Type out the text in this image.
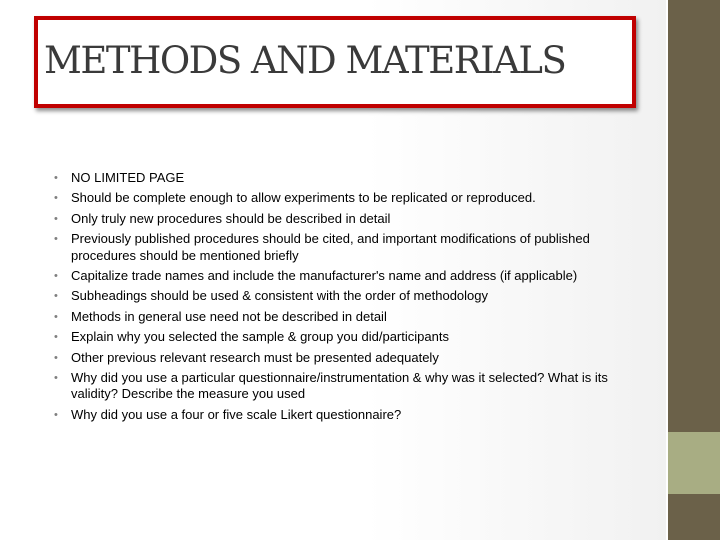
METHODS AND MATERIALS
• NO LIMITED PAGE
• Should be complete enough to allow experiments to be replicated or reproduced.
• Only truly new procedures should be described in detail
• Previously published procedures should be cited, and important modifications of published procedures should be mentioned briefly
• Capitalize trade names and include the manufacturer's name and address (if applicable)
• Subheadings should be used & consistent with the order of methodology
• Methods in general use need not be described in detail
• Explain why you selected the sample & group you did/participants
• Other previous relevant research must be presented adequately
• Why did you use a particular questionnaire/instrumentation & why was it selected? What is its validity? Describe the measure you used
• Why did you use a four or five scale Likert questionnaire?
